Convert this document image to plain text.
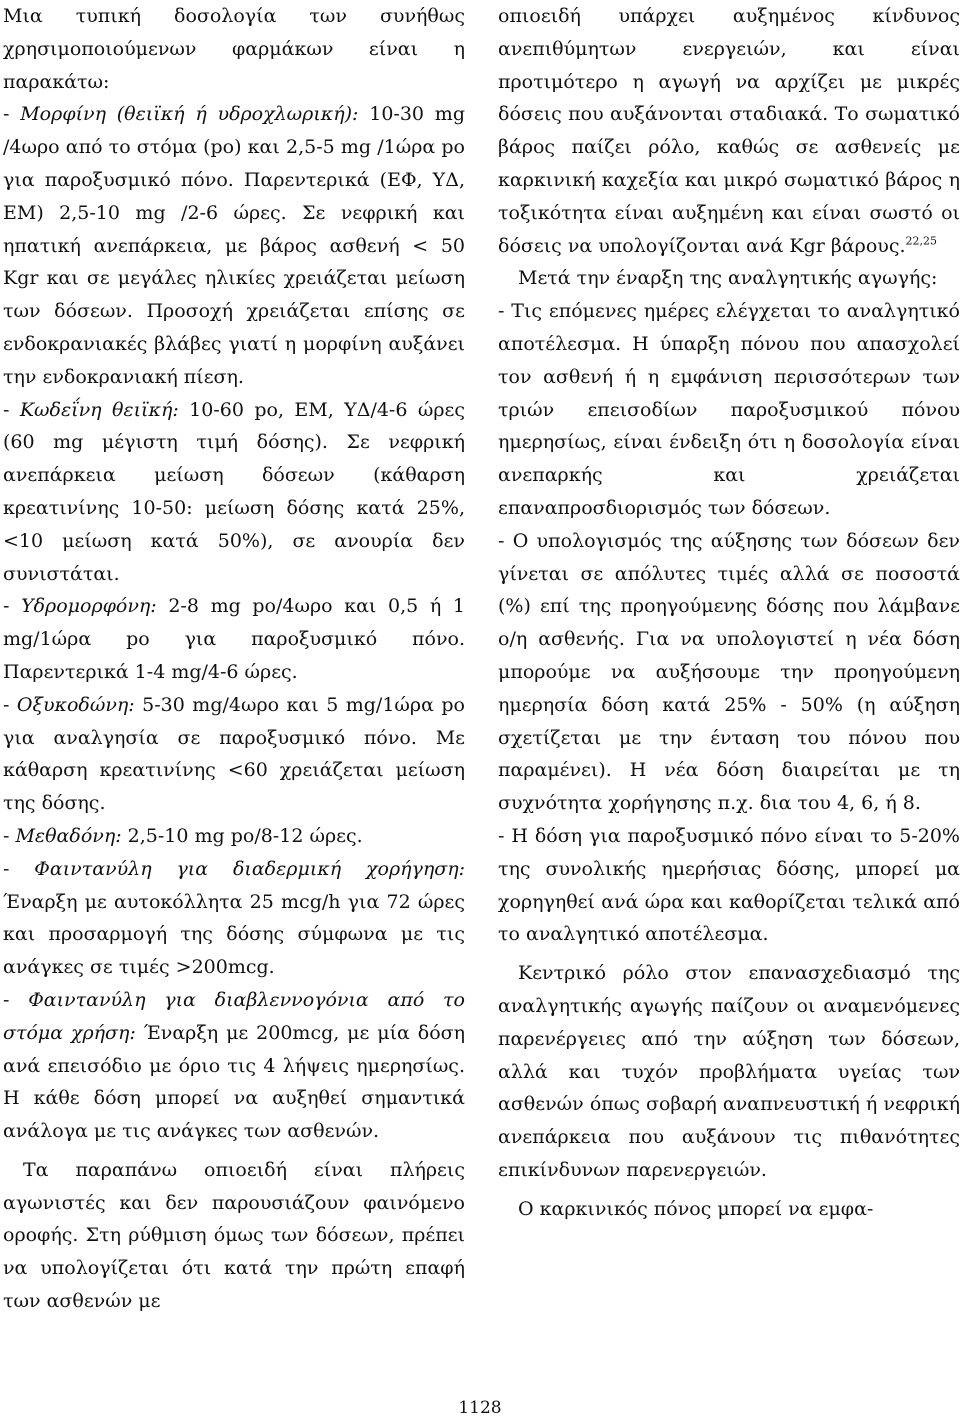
Μια τυπική δοσολογία των συνήθως χρησιμοποιούμενων φαρμάκων είναι η παρακάτω:

- Μορφίνη (θειϊκή ή υδροχλωρική): 10-30 mg /4ωρο από το στόμα (po) και 2,5-5 mg /1ώρα po για παροξυσμικό πόνο. Παρεντερικά (ΕΦ, ΥΔ, ΕΜ) 2,5-10 mg /2-6 ώρες. Σε νεφρική και ηπατική ανεπάρκεια, με βάρος ασθενή < 50 Kgr και σε μεγάλες ηλικίες χρειάζεται μείωση των δόσεων. Προσοχή χρειάζεται επίσης σε ενδοκρανιακές βλάβες γιατί η μορφίνη αυξάνει την ενδοκρανιακή πίεση.

- Κωδεΐνη θειϊκή: 10-60 po, ΕΜ, ΥΔ/4-6 ώρες (60 mg μέγιστη τιμή δόσης). Σε νεφρική ανεπάρκεια μείωση δόσεων (κάθαρση κρεατινίνης 10-50: μείωση δόσης κατά 25%, <10 μείωση κατά 50%), σε ανουρία δεν συνιστάται.

- Υδρομορφόνη: 2-8 mg po/4ωρο και 0,5 ή 1 mg/1ώρα po για παροξυσμικό πόνο. Παρεντερικά 1-4 mg/4-6 ώρες.

- Οξυκοδώνη: 5-30 mg/4ωρο και 5 mg/1ώρα po για αναλγησία σε παροξυσμικό πόνο. Με κάθαρση κρεατινίνης <60 χρειάζεται μείωση της δόσης.

- Μεθαδόνη: 2,5-10 mg po/8-12 ώρες.

- Φαιντανύλη για διαδερμική χορήγηση: Έναρξη με αυτοκόλλητα 25 mcg/h για 72 ώρες και προσαρμογή της δόσης σύμφωνα με τις ανάγκες σε τιμές >200mcg.

- Φαιντανύλη για διαβλεννογόνια από το στόμα χρήση: Έναρξη με 200mcg, με μία δόση ανά επεισόδιο με όριο τις 4 λήψεις ημερησίως. Η κάθε δόση μπορεί να αυξηθεί σημαντικά ανάλογα με τις ανάγκες των ασθενών.

Τα παραπάνω οπιοειδή είναι πλήρεις αγωνιστές και δεν παρουσιάζουν φαινόμενο οροφής. Στη ρύθμιση όμως των δόσεων, πρέπει να υπολογίζεται ότι κατά την πρώτη επαφή των ασθενών με

οπιοειδή υπάρχει αυξημένος κίνδυνος ανεπιθύμητων ενεργειών, και είναι προτιμότερο η αγωγή να αρχίζει με μικρές δόσεις που αυξάνονται σταδιακά. Το σωματικό βάρος παίζει ρόλο, καθώς σε ασθενείς με καρκινική καχεξία και μικρό σωματικό βάρος η τοξικότητα είναι αυξημένη και είναι σωστό οι δόσεις να υπολογίζονται ανά Kgr βάρους.$^{22,25}$

Μετά την έναρξη της αναλγητικής αγωγής:

- Τις επόμενες ημέρες ελέγχεται το αναλγητικό αποτέλεσμα. Η ύπαρξη πόνου που απασχολεί τον ασθενή ή η εμφάνιση περισσότερων των τριών επεισοδίων παροξυσμικού πόνου ημερησίως, είναι ένδειξη ότι η δοσολογία είναι ανεπαρκής και χρειάζεται επαναπροσδιορισμός των δόσεων.

- Ο υπολογισμός της αύξησης των δόσεων δεν γίνεται σε απόλυτες τιμές αλλά σε ποσοστά (%) επί της προηγούμενης δόσης που λάμβανε ο/η ασθενής. Για να υπολογιστεί η νέα δόση μπορούμε να αυξήσουμε την προηγούμενη ημερησία δόση κατά 25% - 50% (η αύξηση σχετίζεται με την ένταση του πόνου που παραμένει). Η νέα δόση διαιρείται με τη συχνότητα χορήγησης π.χ. δια του 4, 6, ή 8.

- Η δόση για παροξυσμικό πόνο είναι το 5-20% της συνολικής ημερήσιας δόσης, μπορεί μα χορηγηθεί ανά ώρα και καθορίζεται τελικά από το αναλγητικό αποτέλεσμα.

Κεντρικό ρόλο στον επανασχεδιασμό της αναλγητικής αγωγής παίζουν οι αναμενόμενες παρενέργειες από την αύξηση των δόσεων, αλλά και τυχόν προβλήματα υγείας των ασθενών όπως σοβαρή αναπνευστική ή νεφρική ανεπάρκεια που αυξάνουν τις πιθανότητες επικίνδυνων παρενεργειών.

Ο καρκινικός πόνος μπορεί να εμφα-

1128
